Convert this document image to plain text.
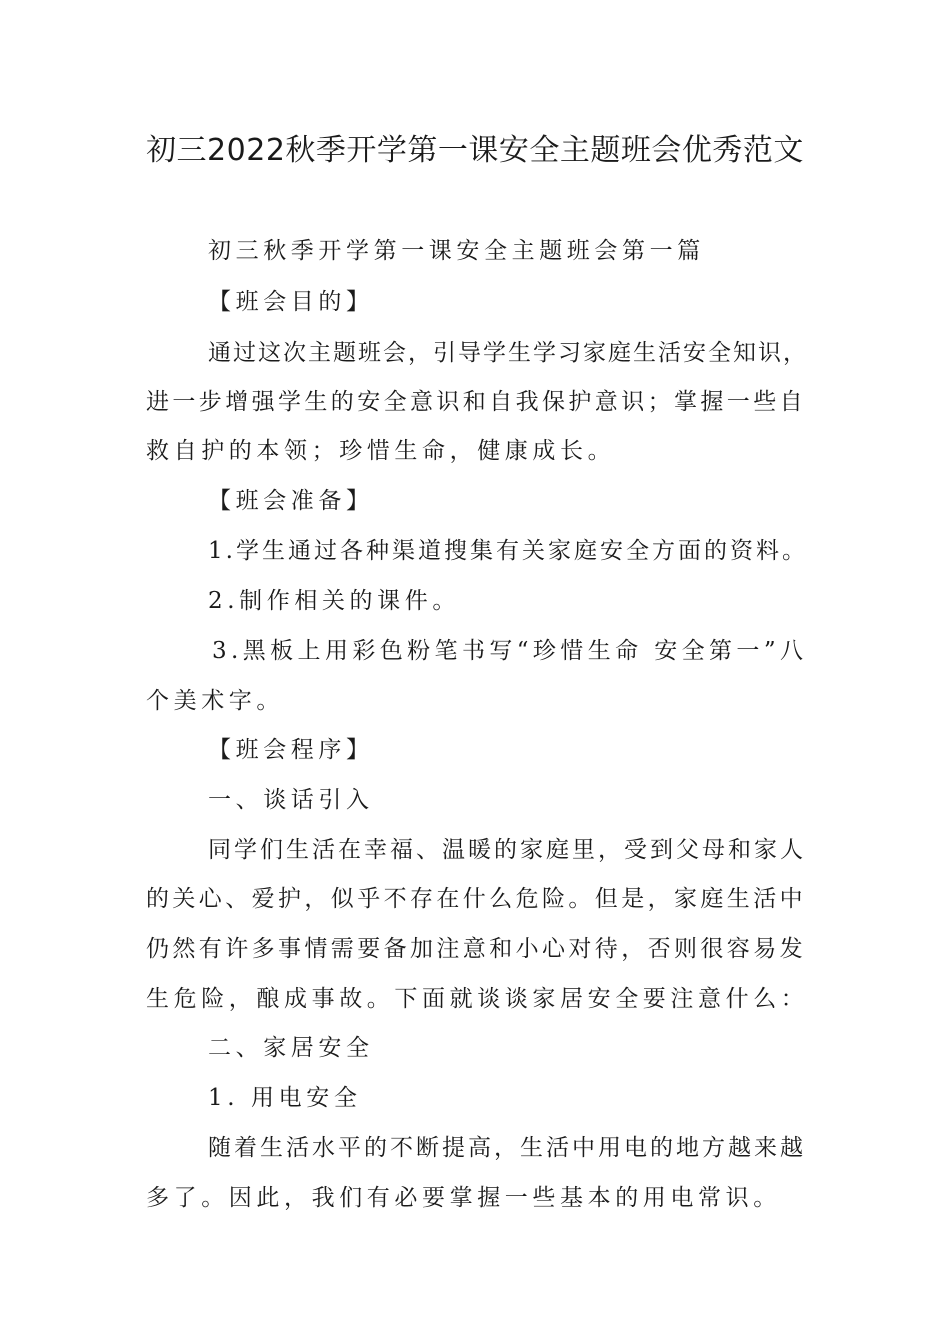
初三2022秋季开学第一课安全主题班会优秀范文
初三秋季开学第一课安全主题班会第一篇
【班会目的】
通过这次主题班会，引导学生学习家庭生活安全知识，
进一步增强学生的安全意识和自我保护意识；掌握一些自
救自护的本领；珍惜生命，健康成长。
【班会准备】
1.学生通过各种渠道搜集有关家庭安全方面的资料。
2.制作相关的课件。
3.黑板上用彩色粉笔书写“珍惜生命 安全第一”八
个美术字。
【班会程序】
一、谈话引入
同学们生活在幸福、温暖的家庭里，受到父母和家人
的关心、爱护，似乎不存在什么危险。但是，家庭生活中
仍然有许多事情需要备加注意和小心对待，否则很容易发
生危险，酿成事故。下面就谈谈家居安全要注意什么：
二、家居安全
1. 用电安全
随着生活水平的不断提高，生活中用电的地方越来越
多了。因此，我们有必要掌握一些基本的用电常识。
